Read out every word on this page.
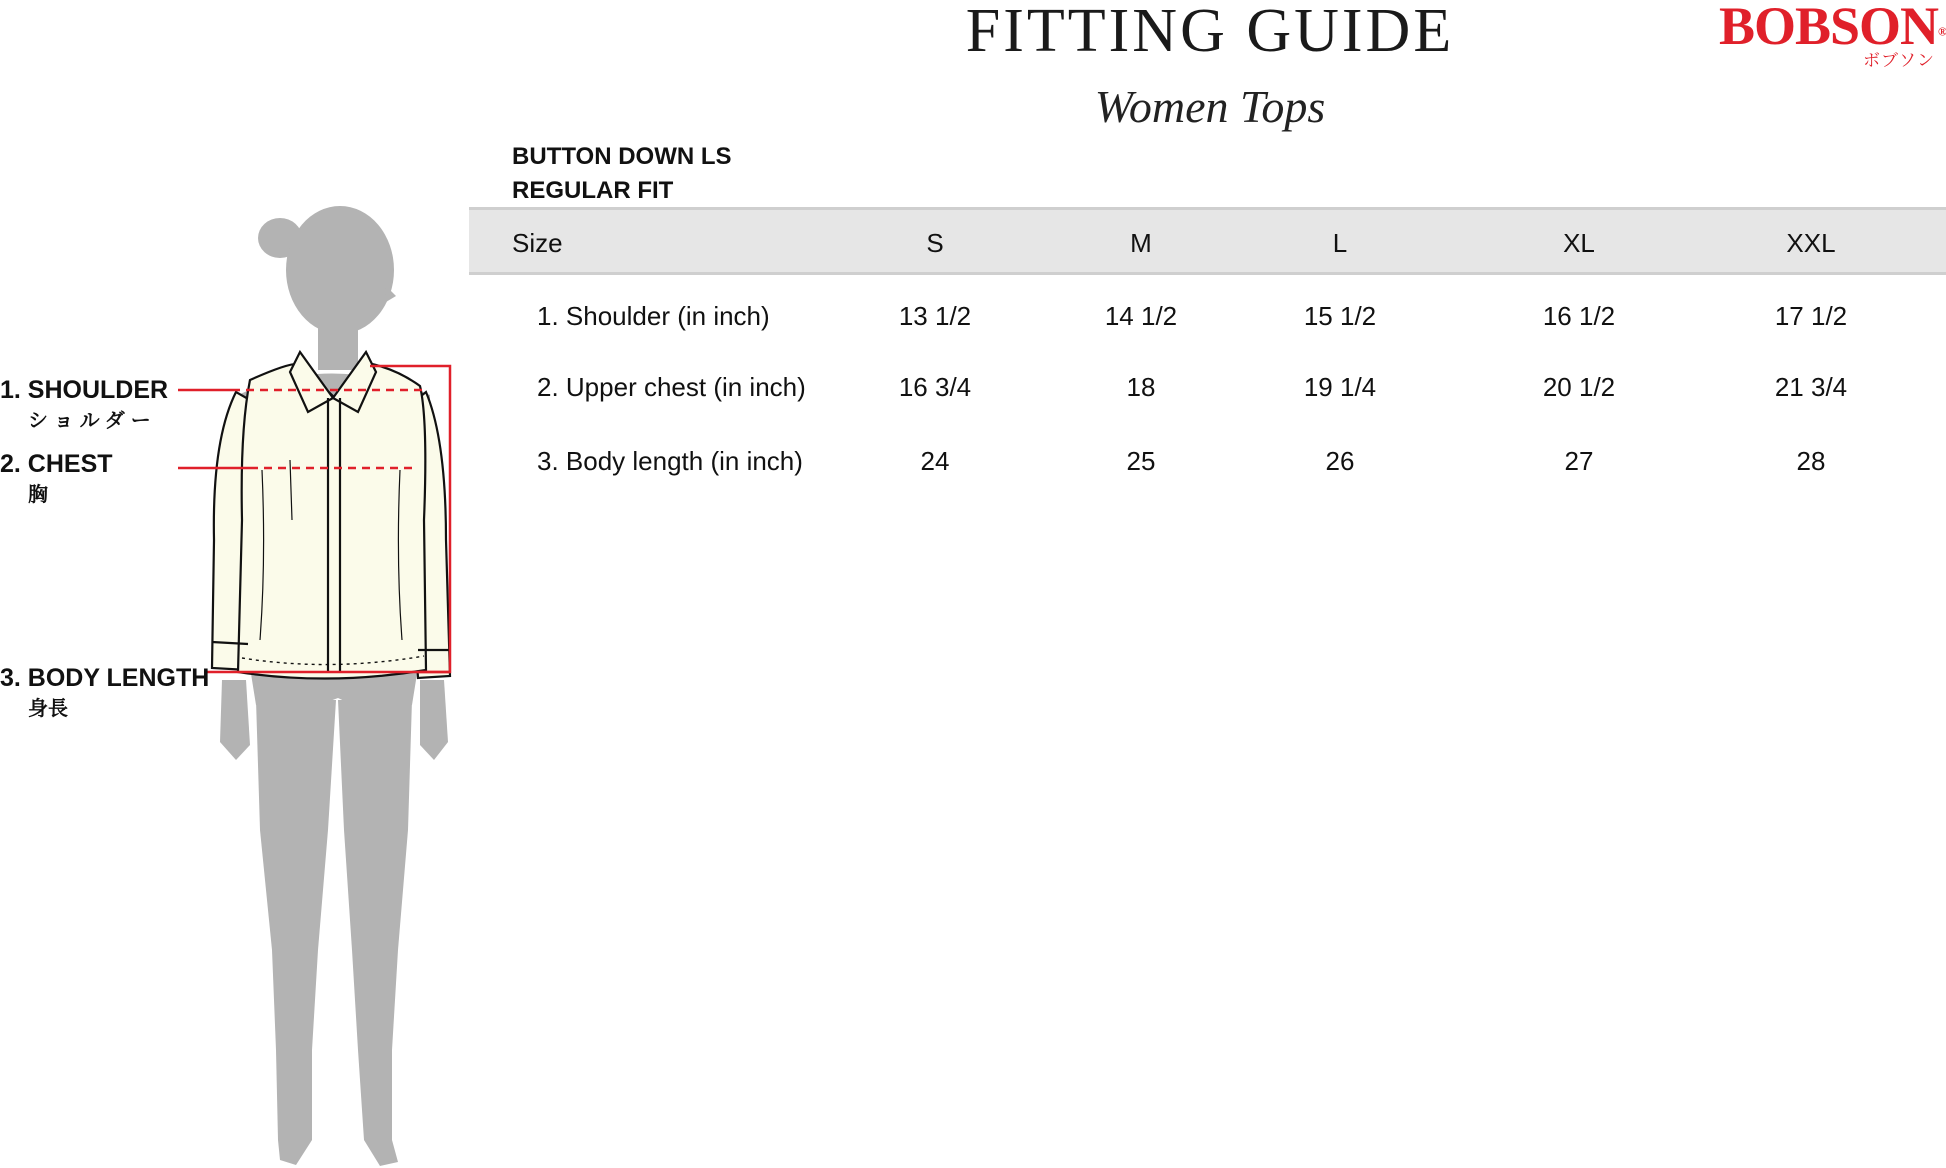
FITTING GUIDE
Women Tops
BOBSON®
ボブソン
BUTTON DOWN LS
REGULAR FIT
Size	S	M	L	XL	XXL
1. Shoulder (in inch)	13 1/2	14 1/2	15 1/2	16 1/2	17 1/2
2. Upper chest (in inch)	16 3/4	18	19 1/4	20 1/2	21 3/4
3. Body length (in inch)	24	25	26	27	28
1. SHOULDER
ショルダー
2. CHEST
胸
3. BODY LENGTH
身長
